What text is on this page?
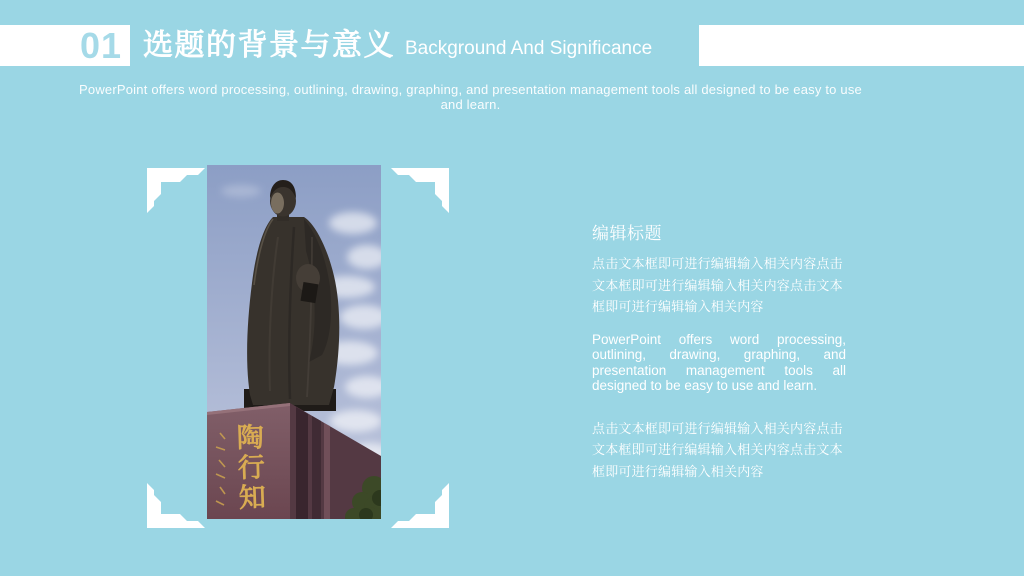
01 选题的背景与意义 Background And Significance

PowerPoint offers word processing, outlining, drawing, graphing, and presentation management tools all designed to be easy to use and learn.

陶行知
编辑标题

点击文本框即可进行编辑输入相关内容点击文本框即可进行编辑输入相关内容点击文本框即可进行编辑输入相关内容

PowerPoint offers word processing, outlining, drawing, graphing, and presentation management tools all designed to be easy to use and learn.

点击文本框即可进行编辑输入相关内容点击文本框即可进行编辑输入相关内容点击文本框即可进行编辑输入相关内容
